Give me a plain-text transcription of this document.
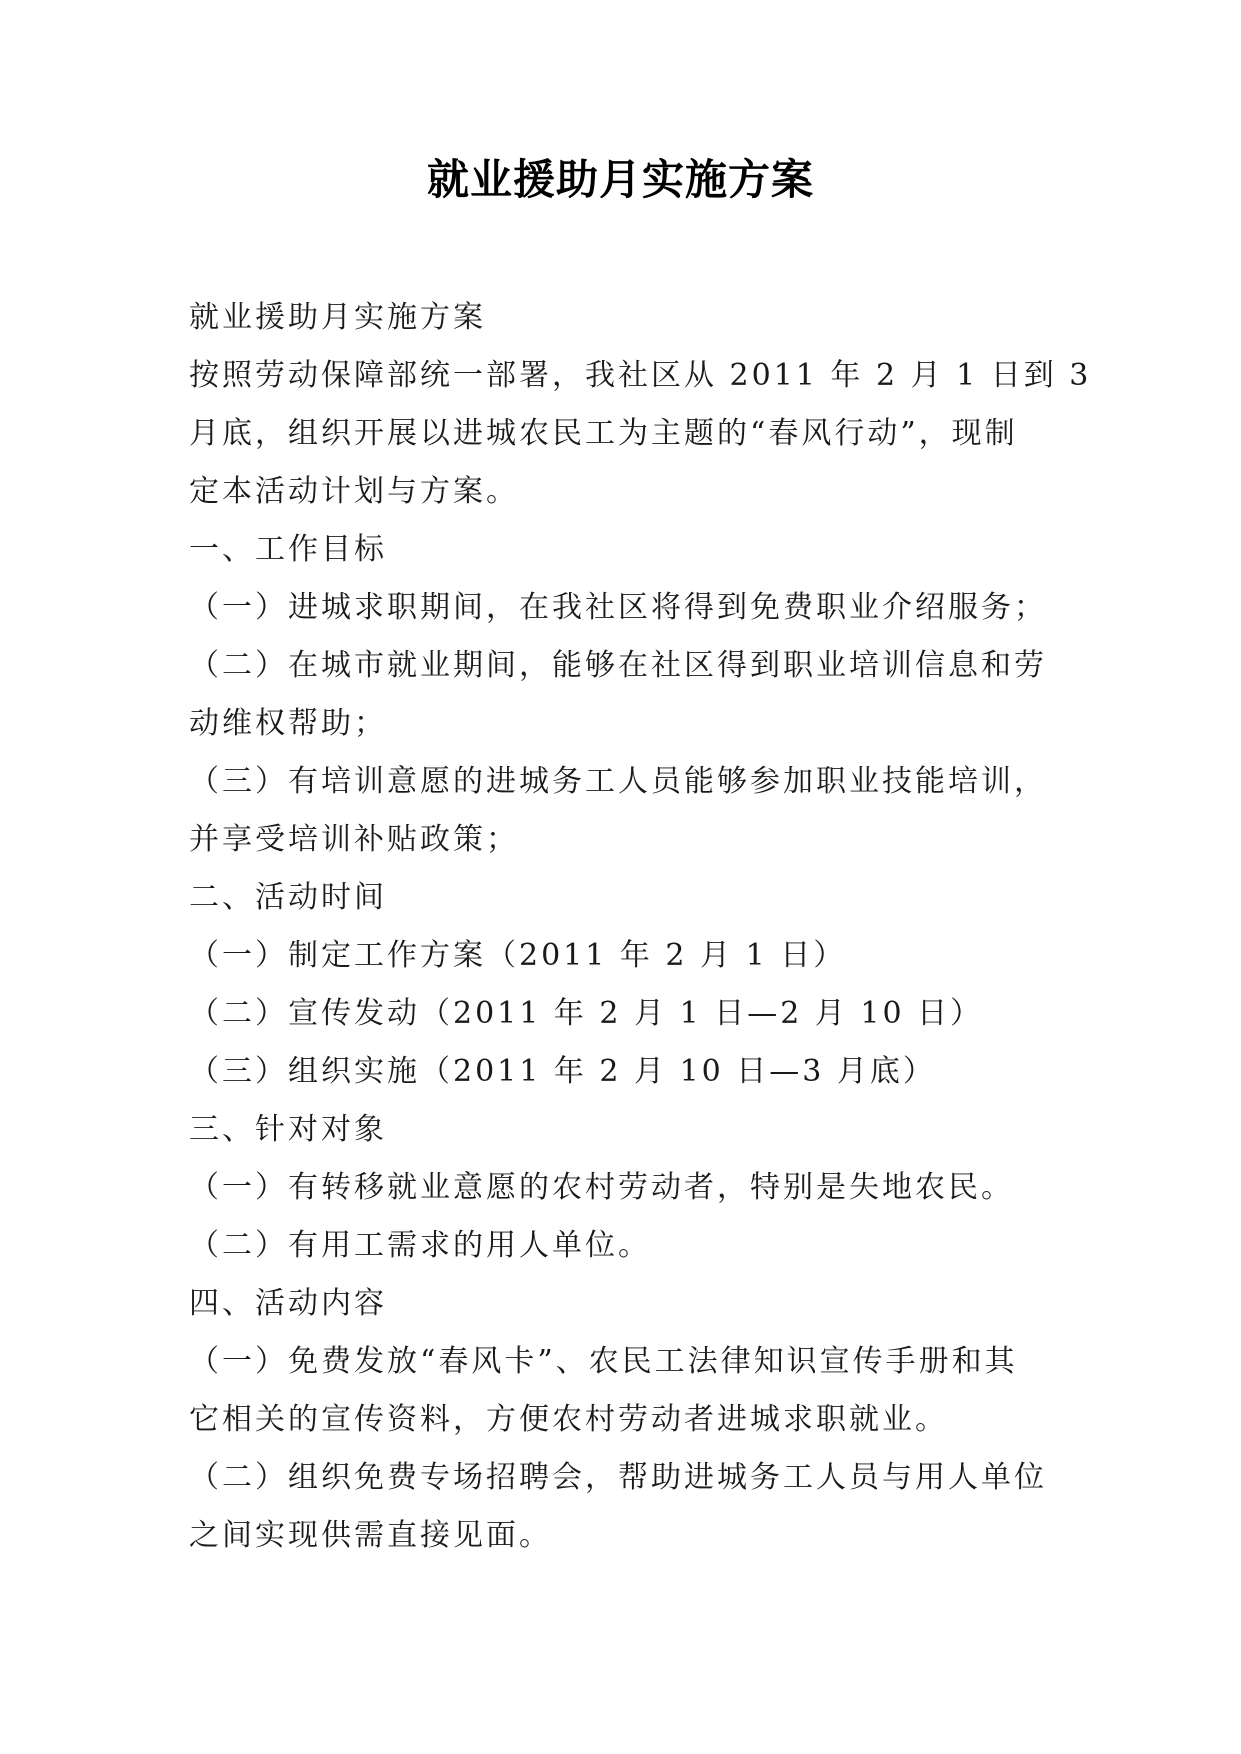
就业援助月实施方案
就业援助月实施方案
按照劳动保障部统一部署，我社区从 2011 年 2 月 1 日到 3
月底，组织开展以进城农民工为主题的“春风行动”，现制
定本活动计划与方案。
一、工作目标
（一）进城求职期间，在我社区将得到免费职业介绍服务；
（二）在城市就业期间，能够在社区得到职业培训信息和劳
动维权帮助；
（三）有培训意愿的进城务工人员能够参加职业技能培训，
并享受培训补贴政策；
二、活动时间
（一）制定工作方案（2011 年 2 月 1 日）
（二）宣传发动（2011 年 2 月 1 日—2 月 10 日）
（三）组织实施（2011 年 2 月 10 日—3 月底）
三、针对对象
（一）有转移就业意愿的农村劳动者，特别是失地农民。
（二）有用工需求的用人单位。
四、活动内容
（一）免费发放“春风卡”、农民工法律知识宣传手册和其
它相关的宣传资料，方便农村劳动者进城求职就业。
（二）组织免费专场招聘会，帮助进城务工人员与用人单位
之间实现供需直接见面。
